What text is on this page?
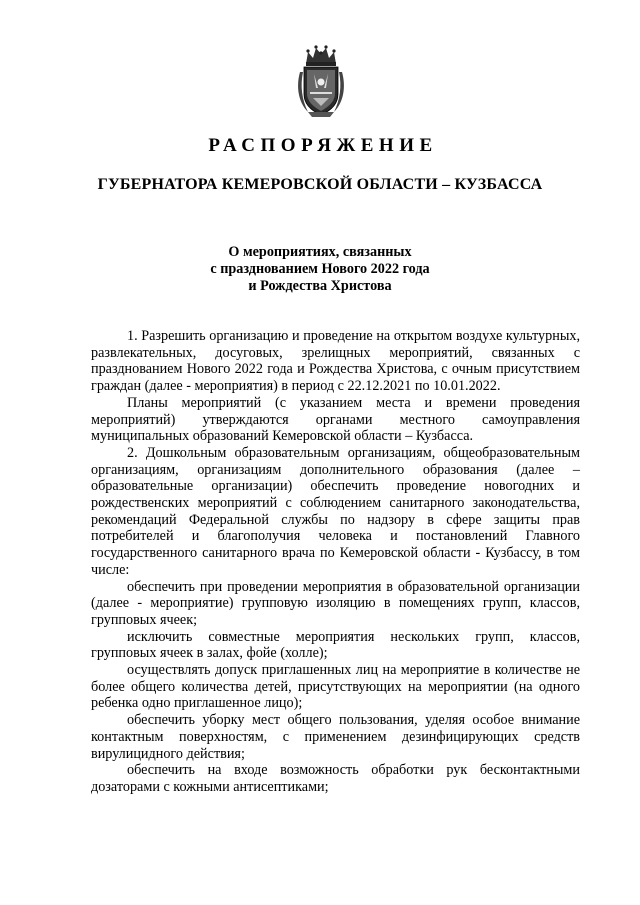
РАСПОРЯЖЕНИЕ
ГУБЕРНАТОРА КЕМЕРОВСКОЙ ОБЛАСТИ – КУЗБАССА
О мероприятиях, связанных
с празднованием Нового 2022 года
и Рождества Христова

1. Разрешить организацию и проведение на открытом воздухе культурных, развлекательных, досуговых, зрелищных мероприятий, связанных с празднованием Нового 2022 года и Рождества Христова, с очным присутствием граждан (далее - мероприятия) в период с 22.12.2021 по 10.01.2022.

Планы мероприятий (с указанием места и времени проведения мероприятий) утверждаются органами местного самоуправления муниципальных образований Кемеровской области – Кузбасса.

2. Дошкольным образовательным организациям, общеобразовательным организациям, организациям дополнительного образования (далее – образовательные организации) обеспечить проведение новогодних и рождественских мероприятий с соблюдением санитарного законодательства, рекомендаций Федеральной службы по надзору в сфере защиты прав потребителей и благополучия человека и постановлений Главного государственного санитарного врача по Кемеровской области - Кузбассу, в том числе:

обеспечить при проведении мероприятия в образовательной организации (далее - мероприятие) групповую изоляцию в помещениях групп, классов, групповых ячеек;

исключить совместные мероприятия нескольких групп, классов, групповых ячеек в залах, фойе (холле);

осуществлять допуск приглашенных лиц на мероприятие в количестве не более общего количества детей, присутствующих на мероприятии (на одного ребенка одно приглашенное лицо);

обеспечить уборку мест общего пользования, уделяя особое внимание контактным поверхностям, с применением дезинфицирующих средств вирулицидного действия;

обеспечить на входе возможность обработки рук бесконтактными дозаторами с кожными антисептиками;
